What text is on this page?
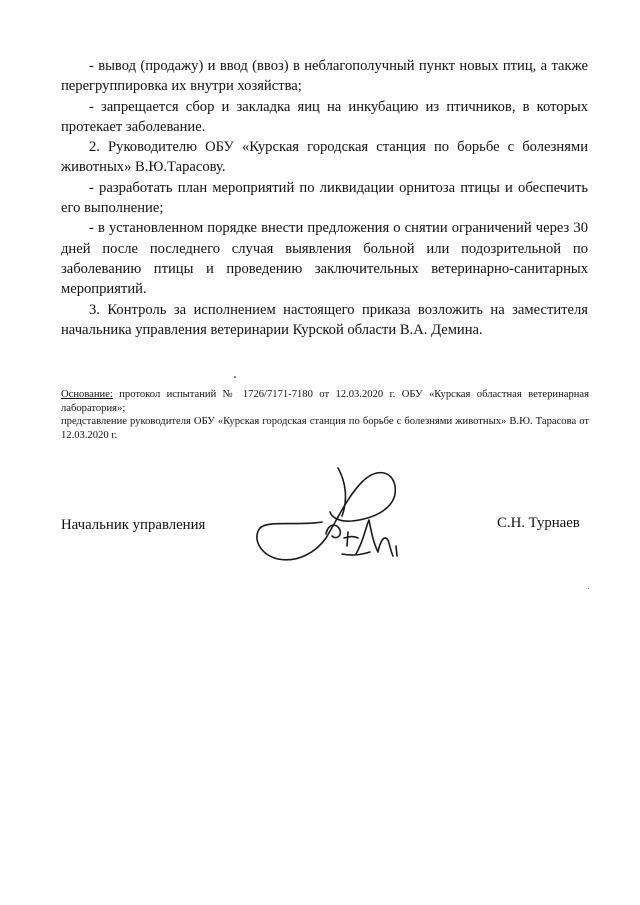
- вывод (продажу) и ввод (ввоз) в неблагополучный пункт новых птиц, а также перегруппировка их внутри хозяйства;

- запрещается сбор и закладка яиц на инкубацию из птичников, в которых протекает заболевание.

2. Руководителю ОБУ «Курская городская станция по борьбе с болезнями животных» В.Ю.Тарасову.

- разработать план мероприятий по ликвидации орнитоза птицы и обеспечить его выполнение;

- в установленном порядке внести предложения о снятии ограничений через 30 дней после последнего случая выявления больной или подозрительной по заболеванию птицы и проведению заключительных ветеринарно-санитарных мероприятий.

3. Контроль за исполнением настоящего приказа возложить на заместителя начальника управления ветеринарии Курской области В.А. Демина.

Основание: протокол испытаний № 1726/7171-7180 от 12.03.2020 г. ОБУ «Курская областная ветеринарная лаборатория»;

представление руководителя ОБУ «Курская городская станция по борьбе с болезнями животных» В.Ю. Тарасова от 12.03.2020 г.

Начальник управления	С.Н. Турнаев
